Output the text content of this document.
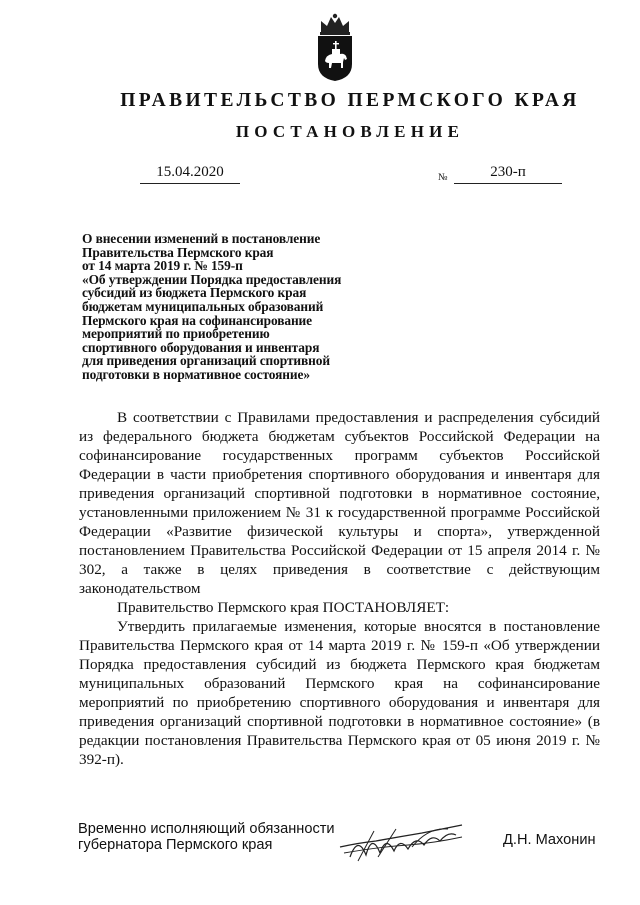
ПРАВИТЕЛЬСТВО ПЕРМСКОГО КРАЯ
ПОСТАНОВЛЕНИЕ
15.04.2020	№	230-п
О внесении изменений в постановление
Правительства Пермского края
от 14 марта 2019 г. № 159-п
«Об утверждении Порядка предоставления
субсидий из бюджета Пермского края
бюджетам муниципальных образований
Пермского края на софинансирование
мероприятий по приобретению
спортивного оборудования и инвентаря
для приведения организаций спортивной
подготовки в нормативное состояние»

В соответствии с Правилами предоставления и распределения субсидий из федерального бюджета бюджетам субъектов Российской Федерации на софинансирование государственных программ субъектов Российской Федерации в части приобретения спортивного оборудования и инвентаря для приведения организаций спортивной подготовки в нормативное состояние, установленными приложением № 31 к государственной программе Российской Федерации «Развитие физической культуры и спорта», утвержденной постановлением Правительства Российской Федерации от 15 апреля 2014 г. № 302, а также в целях приведения в соответствие с действующим законодательством

Правительство Пермского края ПОСТАНОВЛЯЕТ:

Утвердить прилагаемые изменения, которые вносятся в постановление Правительства Пермского края от 14 марта 2019 г. № 159-п «Об утверждении Порядка предоставления субсидий из бюджета Пермского края бюджетам муниципальных образований Пермского края на софинансирование мероприятий по приобретению спортивного оборудования и инвентаря для приведения организаций спортивной подготовки в нормативное состояние» (в редакции постановления Правительства Пермского края от 05 июня 2019 г. № 392-п).

Временно исполняющий обязанности
губернатора Пермского края	Д.Н. Махонин
